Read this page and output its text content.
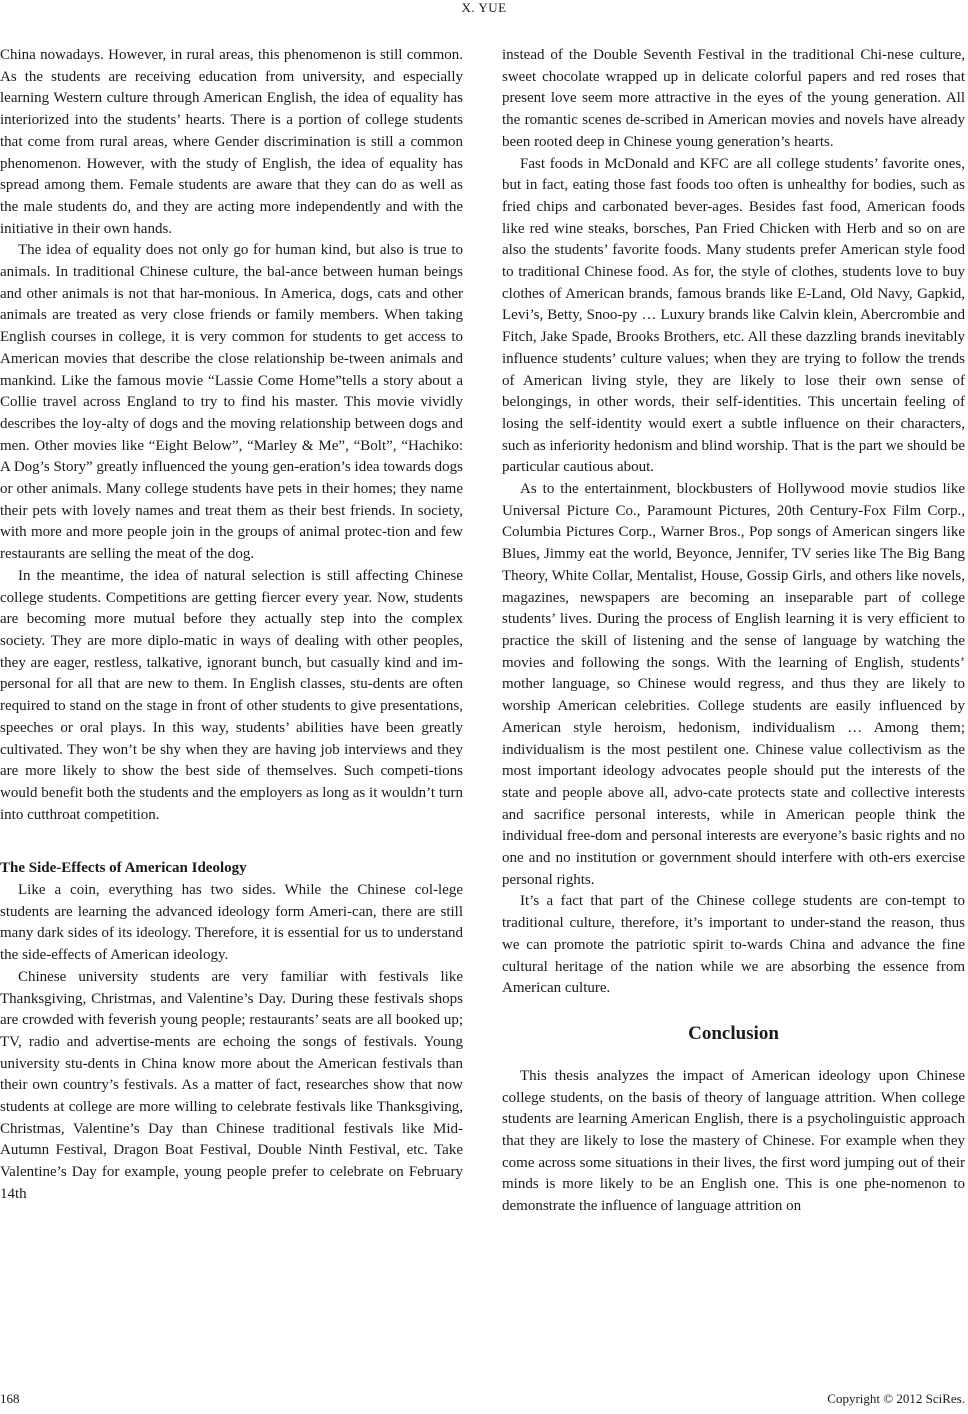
X. YUE

China nowadays. However, in rural areas, this phenomenon is still common. As the students are receiving education from university, and especially learning Western culture through American English, the idea of equality has interiorized into the students’ hearts. There is a portion of college students that come from rural areas, where Gender discrimination is still a common phenomenon. However, with the study of English, the idea of equality has spread among them. Female students are aware that they can do as well as the male students do, and they are acting more independently and with the initiative in their own hands.

The idea of equality does not only go for human kind, but also is true to animals. In traditional Chinese culture, the bal-ance between human beings and other animals is not that har-monious. In America, dogs, cats and other animals are treated as very close friends or family members. When taking English courses in college, it is very common for students to get access to American movies that describe the close relationship be-tween animals and mankind. Like the famous movie “Lassie Come Home”tells a story about a Collie travel across England to try to find his master. This movie vividly describes the loy-alty of dogs and the moving relationship between dogs and men. Other movies like “Eight Below”, “Marley & Me”, “Bolt”, “Hachiko: A Dog’s Story” greatly influenced the young gen-eration’s idea towards dogs or other animals. Many college students have pets in their homes; they name their pets with lovely names and treat them as their best friends. In society, with more and more people join in the groups of animal protec-tion and few restaurants are selling the meat of the dog.

In the meantime, the idea of natural selection is still affecting Chinese college students. Competitions are getting fiercer every year. Now, students are becoming more mutual before they actually step into the complex society. They are more diplo-matic in ways of dealing with other peoples, they are eager, restless, talkative, ignorant bunch, but casually kind and im-personal for all that are new to them. In English classes, stu-dents are often required to stand on the stage in front of other students to give presentations, speeches or oral plays. In this way, students’ abilities have been greatly cultivated. They won’t be shy when they are having job interviews and they are more likely to show the best side of themselves. Such competi-tions would benefit both the students and the employers as long as it wouldn’t turn into cutthroat competition.

The Side-Effects of American Ideology

Like a coin, everything has two sides. While the Chinese col-lege students are learning the advanced ideology form Ameri-can, there are still many dark sides of its ideology. Therefore, it is essential for us to understand the side-effects of American ideology.

Chinese university students are very familiar with festivals like Thanksgiving, Christmas, and Valentine’s Day. During these festivals shops are crowded with feverish young people; restaurants’ seats are all booked up; TV, radio and advertise-ments are echoing the songs of festivals. Young university stu-dents in China know more about the American festivals than their own country’s festivals. As a matter of fact, researches show that now students at college are more willing to celebrate festivals like Thanksgiving, Christmas, Valentine’s Day than Chinese traditional festivals like Mid-Autumn Festival, Dragon Boat Festival, Double Ninth Festival, etc. Take Valentine’s Day for example, young people prefer to celebrate on February 14th

instead of the Double Seventh Festival in the traditional Chi-nese culture, sweet chocolate wrapped up in delicate colorful papers and red roses that present love seem more attractive in the eyes of the young generation. All the romantic scenes de-scribed in American movies and novels have already been rooted deep in Chinese young generation’s hearts.

Fast foods in McDonald and KFC are all college students’ favorite ones, but in fact, eating those fast foods too often is unhealthy for bodies, such as fried chips and carbonated bever-ages. Besides fast food, American foods like red wine steaks, borsches, Pan Fried Chicken with Herb and so on are also the students’ favorite foods. Many students prefer American style food to traditional Chinese food. As for, the style of clothes, students love to buy clothes of American brands, famous brands like E-Land, Old Navy, Gapkid, Levi’s, Betty, Snoo-py … Luxury brands like Calvin klein, Abercrombie and Fitch, Jake Spade, Brooks Brothers, etc. All these dazzling brands inevitably influence students’ culture values; when they are trying to follow the trends of American living style, they are likely to lose their own sense of belongings, in other words, their self-identities. This uncertain feeling of losing the self-identity would exert a subtle influence on their characters, such as inferiority hedonism and blind worship. That is the part we should be particular cautious about.

As to the entertainment, blockbusters of Hollywood movie studios like Universal Picture Co., Paramount Pictures, 20th Century-Fox Film Corp., Columbia Pictures Corp., Warner Bros., Pop songs of American singers like Blues, Jimmy eat the world, Beyonce, Jennifer, TV series like The Big Bang Theory, White Collar, Mentalist, House, Gossip Girls, and others like novels, magazines, newspapers are becoming an inseparable part of college students’ lives. During the process of English learning it is very efficient to practice the skill of listening and the sense of language by watching the movies and following the songs. With the learning of English, students’ mother language, so Chinese would regress, and thus they are likely to worship American celebrities. College students are easily influenced by American style heroism, hedonism, individualism … Among them; individualism is the most pestilent one. Chinese value collectivism as the most important ideology advocates people should put the interests of the state and people above all, advo-cate protects state and collective interests and sacrifice personal interests, while in American people think the individual free-dom and personal interests are everyone’s basic rights and no one and no institution or government should interfere with oth-ers exercise personal rights.

It’s a fact that part of the Chinese college students are con-tempt to traditional culture, therefore, it’s important to under-stand the reason, thus we can promote the patriotic spirit to-wards China and advance the fine cultural heritage of the nation while we are absorbing the essence from American culture.

Conclusion

This thesis analyzes the impact of American ideology upon Chinese college students, on the basis of theory of language attrition. When college students are learning American English, there is a psycholinguistic approach that they are likely to lose the mastery of Chinese. For example when they come across some situations in their lives, the first word jumping out of their minds is more likely to be an English one. This is one phe-nomenon to demonstrate the influence of language attrition on

168	Copyright © 2012 SciRes.
